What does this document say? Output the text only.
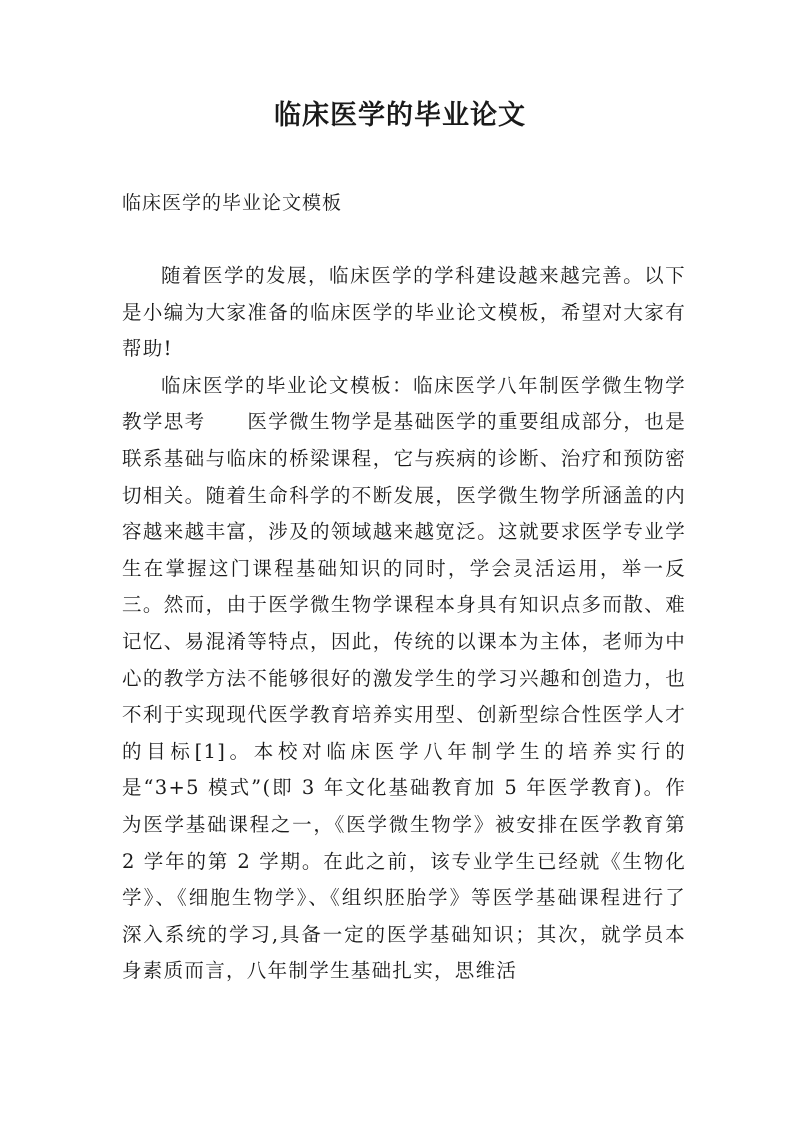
临床医学的毕业论文
临床医学的毕业论文模板

随着医学的发展，临床医学的学科建设越来越完善。以下是小编为大家准备的临床医学的毕业论文模板，希望对大家有帮助!

临床医学的毕业论文模板：临床医学八年制医学微生物学教学思考　　医学微生物学是基础医学的重要组成部分，也是联系基础与临床的桥梁课程，它与疾病的诊断、治疗和预防密切相关。随着生命科学的不断发展，医学微生物学所涵盖的内容越来越丰富，涉及的领域越来越宽泛。这就要求医学专业学生在掌握这门课程基础知识的同时，学会灵活运用，举一反三。然而，由于医学微生物学课程本身具有知识点多而散、难记忆、易混淆等特点，因此，传统的以课本为主体，老师为中心的教学方法不能够很好的激发学生的学习兴趣和创造力，也不利于实现现代医学教育培养实用型、创新型综合性医学人才的目标[1]。本校对临床医学八年制学生的培养实行的是“3+5 模式”(即 3 年文化基础教育加 5 年医学教育)。作为医学基础课程之一，《医学微生物学》被安排在医学教育第 2 学年的第 2 学期。在此之前，该专业学生已经就《生物化学》、《细胞生物学》、《组织胚胎学》等医学基础课程进行了深入系统的学习,具备一定的医学基础知识；其次，就学员本身素质而言，八年制学生基础扎实，思维活
